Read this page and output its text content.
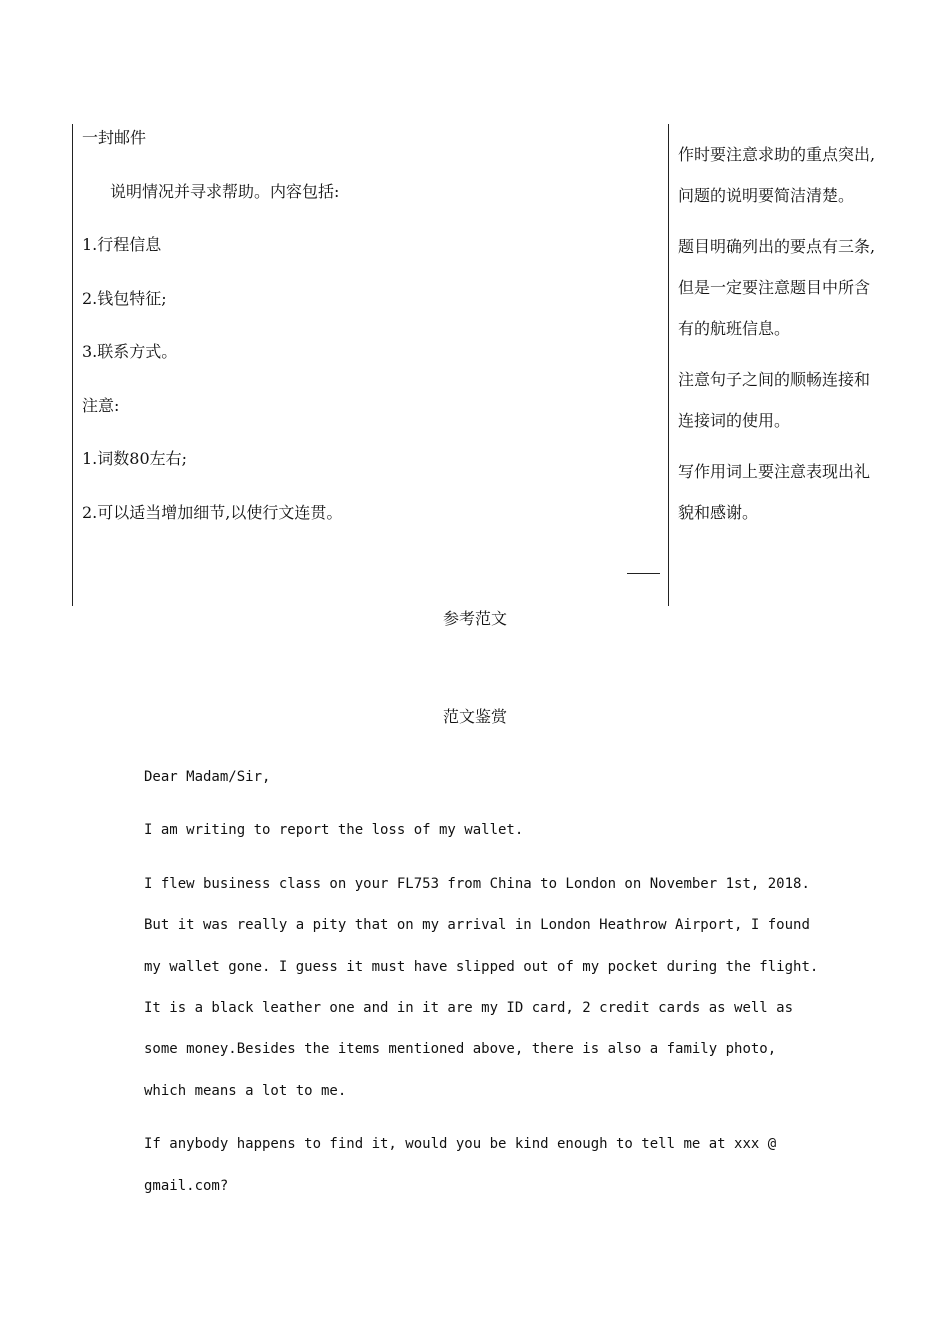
一封邮件
说明情况并寻求帮助。内容包括:
1.行程信息
2.钱包特征;
3.联系方式。
注意:
1.词数80左右;
2.可以适当增加细节,以使行文连贯。
作时要注意求助的重点突出,问题的说明要简洁清楚。
题目明确列出的要点有三条,但是一定要注意题目中所含有的航班信息。
注意句子之间的顺畅连接和连接词的使用。
写作用词上要注意表现出礼貌和感谢。
参考范文
范文鉴赏
Dear Madam/Sir,
I am writing to report the loss of my wallet.
I flew business class on your FL753 from China to London on November 1st, 2018. But it was really a pity that on my arrival in London Heathrow Airport, I found my wallet gone. I guess it must have slipped out of my pocket during the flight. It is a black leather one and in it are my ID card, 2 credit cards as well as some money.Besides the items mentioned above, there is also a family photo, which means a lot to me.
If anybody happens to find it, would you be kind enough to tell me at xxx @ gmail.com?
